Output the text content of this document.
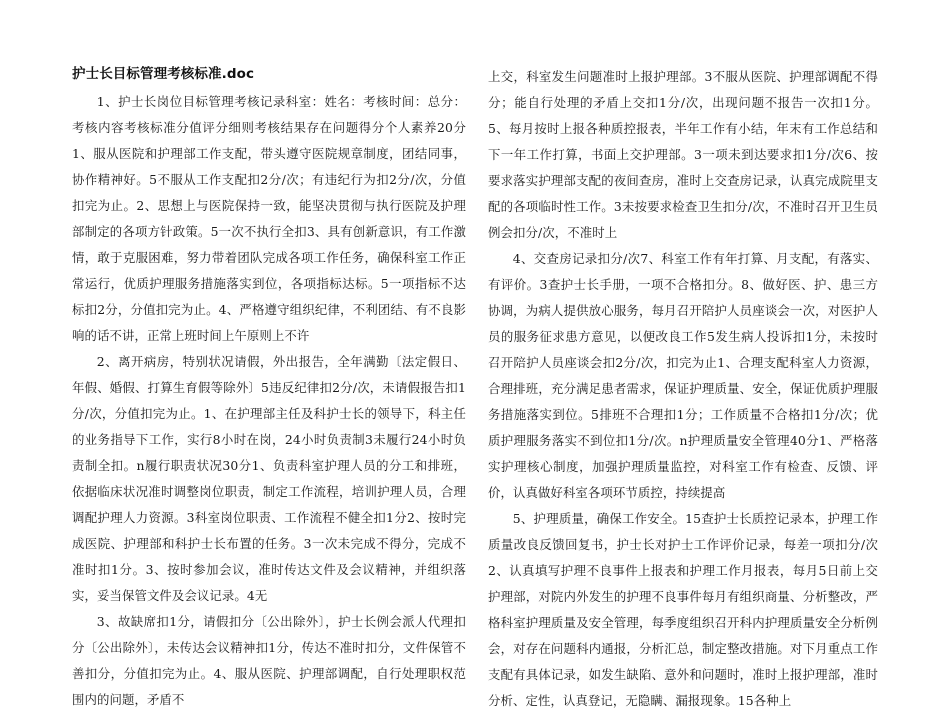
护士长目标管理考核标准.doc

1、护士长岗位目标管理考核记录科室：姓名：考核时间：总分：考核内容考核标准分值评分细则考核结果存在问题得分个人素养20分1、服从医院和护理部工作支配，带头遵守医院规章制度，团结同事，协作精神好。5不服从工作支配扣2分/次；有违纪行为扣2分/次，分值扣完为止。2、思想上与医院保持一致，能坚决贯彻与执行医院及护理部制定的各项方针政策。5一次不执行全扣3、具有创新意识，有工作激情，敢于克服困难，努力带着团队完成各项工作任务，确保科室工作正常运行，优质护理服务措施落实到位，各项指标达标。5一项指标不达标扣2分，分值扣完为止。4、严格遵守组织纪律，不利团结、有不良影响的话不讲，正常上班时间上午原则上不许

2、离开病房，特别状况请假，外出报告，全年满勤〔法定假日、年假、婚假、打算生育假等除外〕5违反纪律扣2分/次，未请假报告扣1分/次，分值扣完为止。1、在护理部主任及科护士长的领导下，科主任的业务指导下工作，实行8小时在岗，24小时负责制3未履行24小时负责制全扣。n履行职责状况30分1、负责科室护理人员的分工和排班，依据临床状况准时调整岗位职责，制定工作流程，培训护理人员，合理调配护理人力资源。3科室岗位职责、工作流程不健全扣1分2、按时完成医院、护理部和科护士长布置的任务。3一次未完成不得分，完成不准时扣1分。3、按时参加会议，准时传达文件及会议精神，并组织落实，妥当保管文件及会议记录。4无

3、故缺席扣1分，请假扣分〔公出除外〕，护士长例会派人代理扣分〔公出除外〕，未传达会议精神扣1分，传达不准时扣分，文件保管不善扣分，分值扣完为止。4、服从医院、护理部调配，自行处理职权范围内的问题，矛盾不

上交，科室发生问题准时上报护理部。3不服从医院、护理部调配不得分；能自行处理的矛盾上交扣1分/次，出现问题不报告一次扣1分。5、每月按时上报各种质控报表，半年工作有小结，年末有工作总结和下一年工作打算，书面上交护理部。3一项未到达要求扣1分/次6、按要求落实护理部支配的夜间查房，准时上交查房记录，认真完成院里支配的各项临时性工作。3未按要求检查卫生扣分/次，不准时召开卫生员例会扣分/次，不准时上

4、交查房记录扣分/次7、科室工作有年打算、月支配，有落实、有评价。3查护士长手册，一项不合格扣分。8、做好医、护、患三方协调，为病人提供放心服务，每月召开陪护人员座谈会一次，对医护人员的服务征求患方意见，以便改良工作5发生病人投诉扣1分，未按时召开陪护人员座谈会扣2分/次，扣完为止1、合理支配科室人力资源，合理排班，充分满足患者需求，保证护理质量、安全，保证优质护理服务措施落实到位。5排班不合理扣1分；工作质量不合格扣1分/次；优质护理服务落实不到位扣1分/次。n护理质量安全管理40分1、严格落实护理核心制度，加强护理质量监控，对科室工作有检查、反馈、评价，认真做好科室各项环节质控，持续提高

5、护理质量，确保工作安全。15查护士长质控记录本，护理工作质量改良反馈回复书，护士长对护士工作评价记录，每差一项扣分/次2、认真填写护理不良事件上报表和护理工作月报表，每月5日前上交护理部，对院内外发生的护理不良事件每月有组织商量、分析整改，严格科室护理质量及安全管理，每季度组织召开科内护理质量安全分析例会，对存在问题科内通报，分析汇总，制定整改措施。对下月重点工作支配有具体记录，如发生缺陷、意外和问题时，准时上报护理部，准时分析、定性，认真登记，无隐瞒、漏报现象。15各种上
